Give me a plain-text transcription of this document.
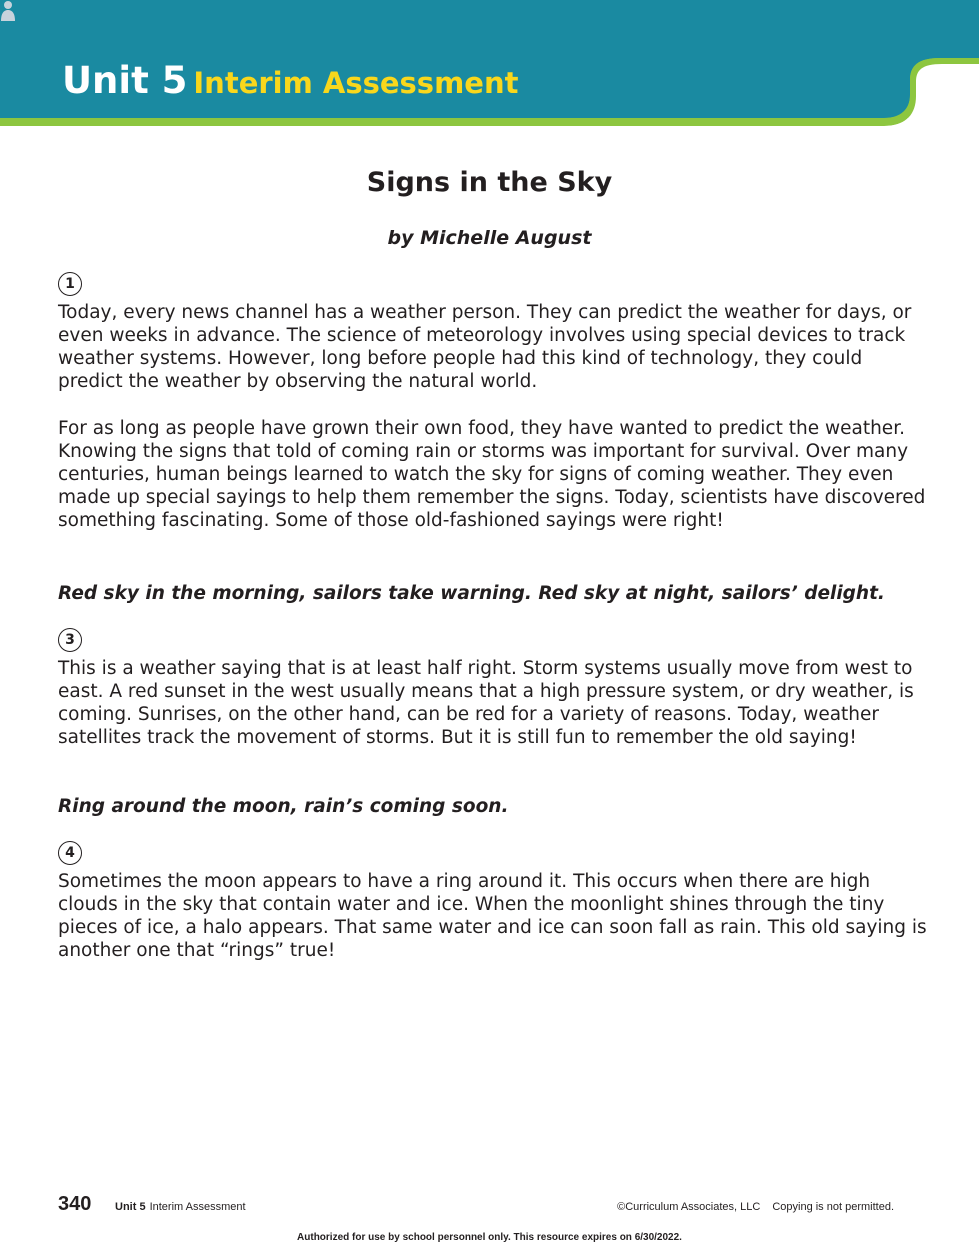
Unit 5 Interim Assessment
Signs in the Sky

by Michelle August

1

Today, every news channel has a weather person. They can predict the weather for days, or even weeks in advance. The science of meteorology involves using special devices to track weather systems. However, long before people had this kind of technology, they could predict the weather by observing the natural world.

For as long as people have grown their own food, they have wanted to predict the weather. Knowing the signs that told of coming rain or storms was important for survival. Over many centuries, human beings learned to watch the sky for signs of coming weather. They even made up special sayings to help them remember the signs. Today, scientists have discovered something fascinating. Some of those old-fashioned sayings were right!

Red sky in the morning, sailors take warning. Red sky at night, sailors’ delight.

3

This is a weather saying that is at least half right. Storm systems usually move from west to east. A red sunset in the west usually means that a high pressure system, or dry weather, is coming. Sunrises, on the other hand, can be red for a variety of reasons. Today, weather satellites track the movement of storms. But it is still fun to remember the old saying!

Ring around the moon, rain’s coming soon.

4

Sometimes the moon appears to have a ring around it. This occurs when there are high clouds in the sky that contain water and ice. When the moonlight shines through the tiny pieces of ice, a halo appears. That same water and ice can soon fall as rain. This old saying is another one that “rings” true!

340 Unit 5 Interim Assessment	©Curriculum Associates, LLC Copying is not permitted.
Authorized for use by school personnel only. This resource expires on 6/30/2022.
